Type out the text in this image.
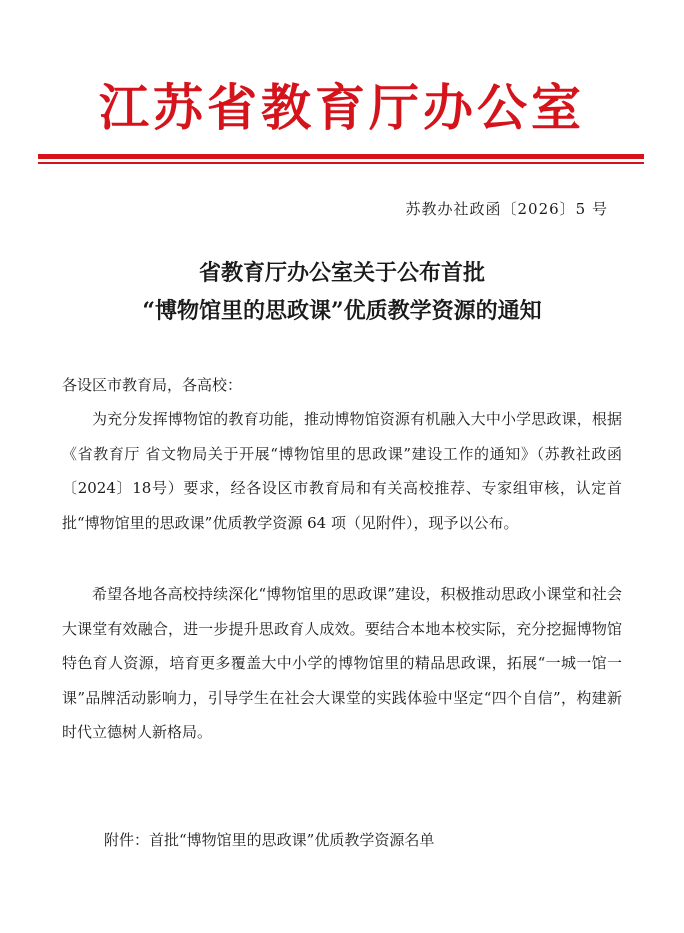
江苏省教育厅办公室
苏教办社政函〔2026〕5 号
省教育厅办公室关于公布首批
“博物馆里的思政课”优质教学资源的通知
各设区市教育局，各高校：
为充分发挥博物馆的教育功能，推动博物馆资源有机融入大中小学思政课，根据《省教育厅 省文物局关于开展“博物馆里的思政课”建设工作的通知》（苏教社政函〔2024〕18号）要求，经各设区市教育局和有关高校推荐、专家组审核，认定首批“博物馆里的思政课”优质教学资源 64 项（见附件），现予以公布。
希望各地各高校持续深化“博物馆里的思政课”建设，积极推动思政小课堂和社会大课堂有效融合，进一步提升思政育人成效。要结合本地本校实际，充分挖掘博物馆特色育人资源，培育更多覆盖大中小学的博物馆里的精品思政课，拓展“一城一馆一课”品牌活动影响力，引导学生在社会大课堂的实践体验中坚定“四个自信”，构建新时代立德树人新格局。
附件：首批“博物馆里的思政课”优质教学资源名单
